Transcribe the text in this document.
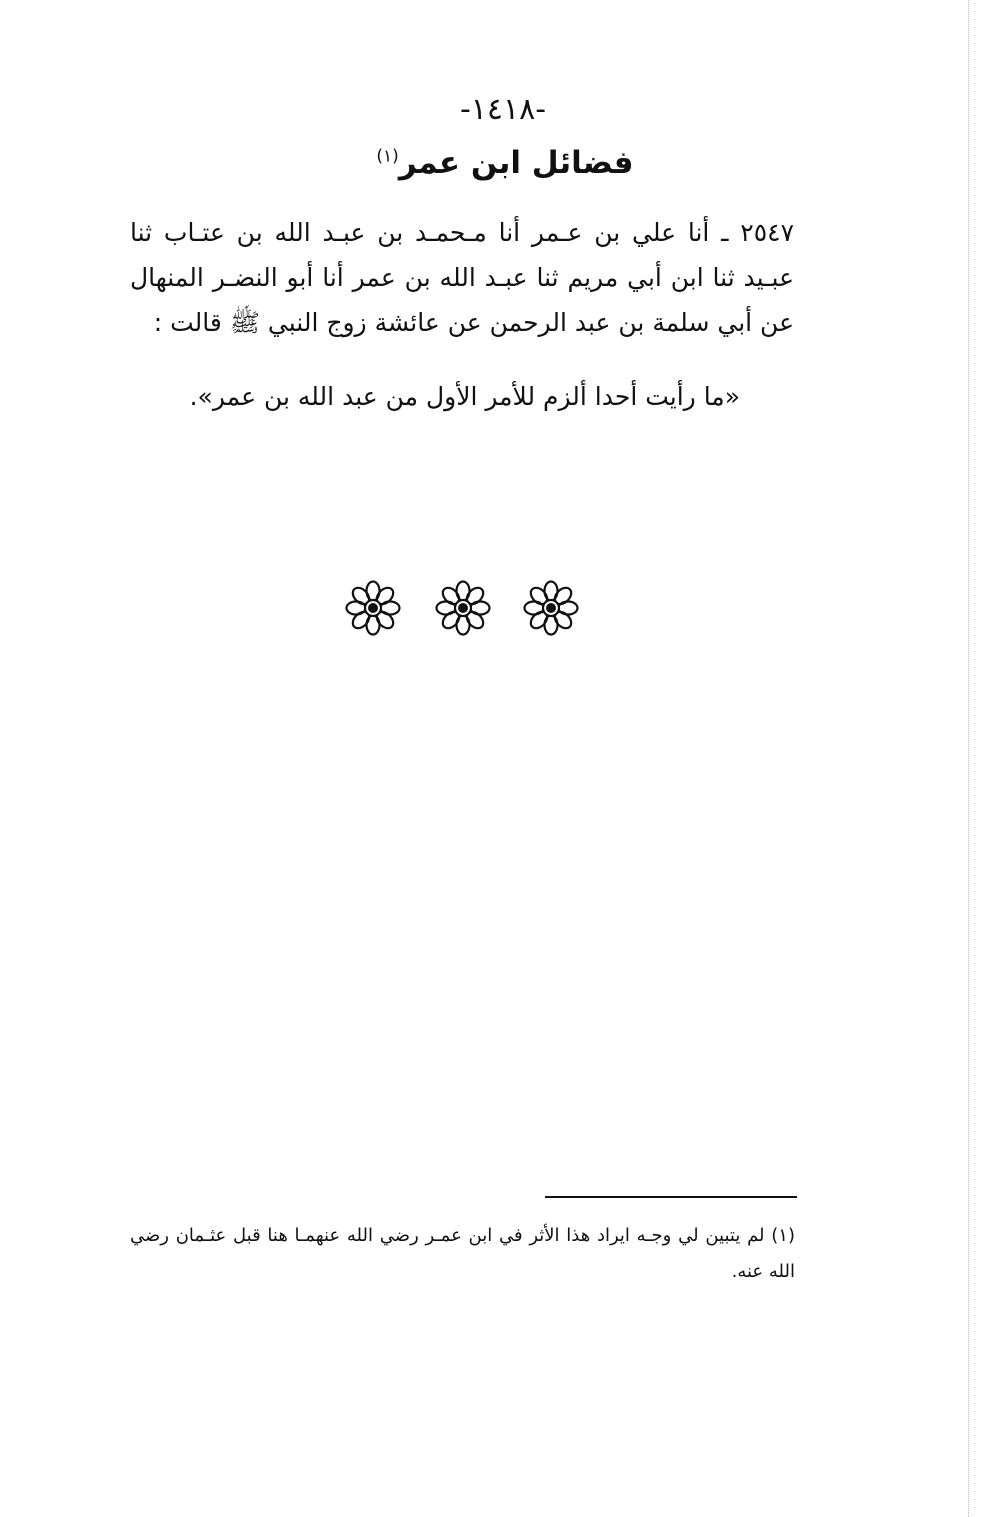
-١٤١٨-
فضائل ابن عمر$^{(١)}$
٢٥٤٧ ـ أنا علي بن عـمر أنا مـحمـد بن عبـد الله بن عتـاب ثنا عبـيد ثنا ابن أبي مريم ثنا عبـد الله بن عمر أنا أبو النضـر المنهال عن أبي سلمة بن عبد الرحمن عن عائشة زوج النبي ﷺ قالت :
«ما رأيت أحدا ألزم للأمر الأول من عبد الله بن عمر».
(١) لم يتبين لي وجـه ايراد هذا الأثر في ابن عمـر رضي الله عنهمـا هنا قبل عثـمان رضي الله عنه.
